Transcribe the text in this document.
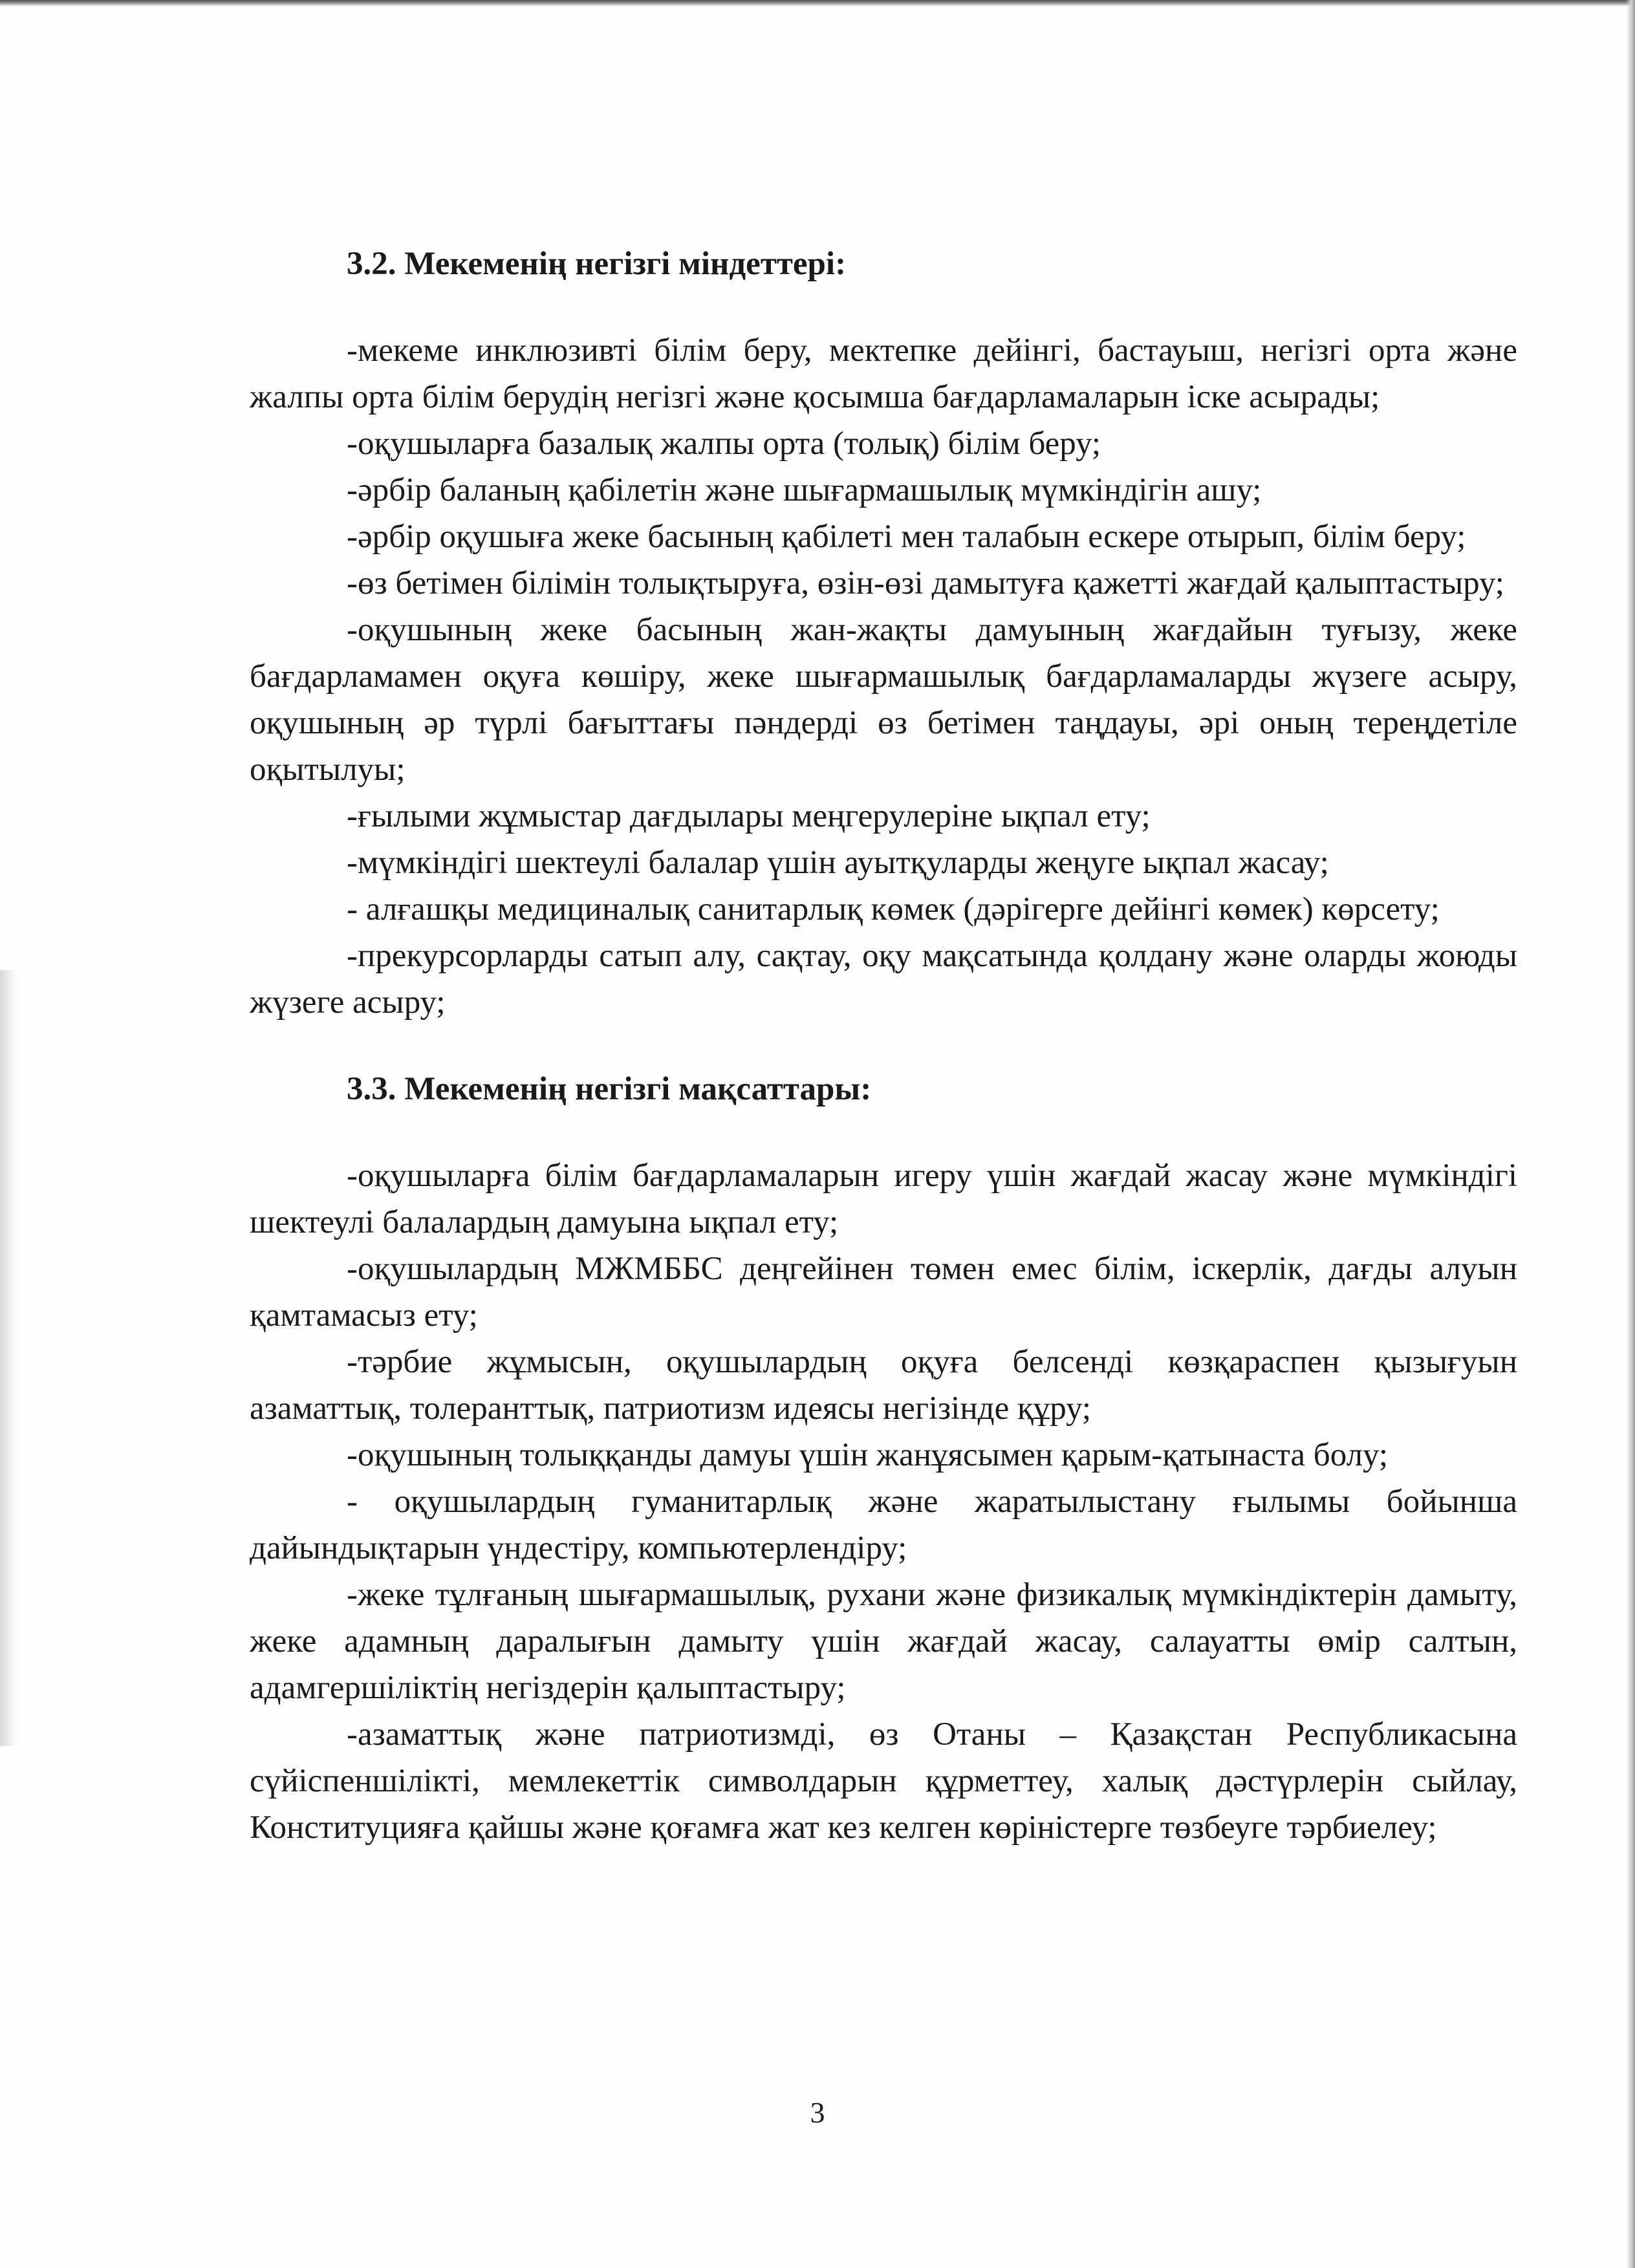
3.2. Мекеменің негізгі міндеттері:

-мекеме инклюзивті білім беру, мектепке дейінгі, бастауыш, негізгі орта және жалпы орта білім берудің негізгі және қосымша бағдарламаларын іске асырады;

-оқушыларға базалық жалпы орта (толық) білім беру;

-әрбір баланың қабілетін және шығармашылық мүмкіндігін ашу;

-әрбір оқушыға жеке басының қабілеті мен талабын ескере отырып, білім беру;

-өз бетімен білімін толықтыруға, өзін-өзі дамытуға қажетті жағдай қалыптастыру;

-оқушының жеке басының жан-жақты дамуының жағдайын туғызу, жеке бағдарламамен оқуға көшіру, жеке шығармашылық бағдарламаларды жүзеге асыру, оқушының әр түрлі бағыттағы пәндерді өз бетімен таңдауы, әрі оның тереңдетіле оқытылуы;

-ғылыми жұмыстар дағдылары меңгерулеріне ықпал ету;

-мүмкіндігі шектеулі балалар үшін ауытқуларды жеңуге ықпал жасау;

- алғашқы медициналық санитарлық көмек (дәрігерге дейінгі көмек) көрсету;

-прекурсорларды сатып алу, сақтау, оқу мақсатында қолдану және оларды жоюды жүзеге асыру;

3.3. Мекеменің негізгі мақсаттары:

-оқушыларға білім бағдарламаларын игеру үшін жағдай жасау және мүмкіндігі шектеулі балалардың дамуына ықпал ету;

-оқушылардың МЖМББС деңгейінен төмен емес білім, іскерлік, дағды алуын қамтамасыз ету;

-тәрбие жұмысын, оқушылардың оқуға белсенді көзқараспен қызығуын азаматтық, толеранттық, патриотизм идеясы негізінде құру;

-оқушының толыққанды дамуы үшін жанұясымен қарым-қатынаста болу;

- оқушылардың гуманитарлық және жаратылыстану ғылымы бойынша дайындықтарын үндестіру, компьютерлендіру;

-жеке тұлғаның шығармашылық, рухани және физикалық мүмкіндіктерін дамыту, жеке адамның даралығын дамыту үшін жағдай жасау, салауатты өмір салтын, адамгершіліктің негіздерін қалыптастыру;

-азаматтық және патриотизмді, өз Отаны – Қазақстан Республикасына сүйіспеншілікті, мемлекеттік символдарын құрметтеу, халық дәстүрлерін сыйлау, Конституцияға қайшы және қоғамға жат кез келген көріністерге төзбеуге тәрбиелеу;

3
